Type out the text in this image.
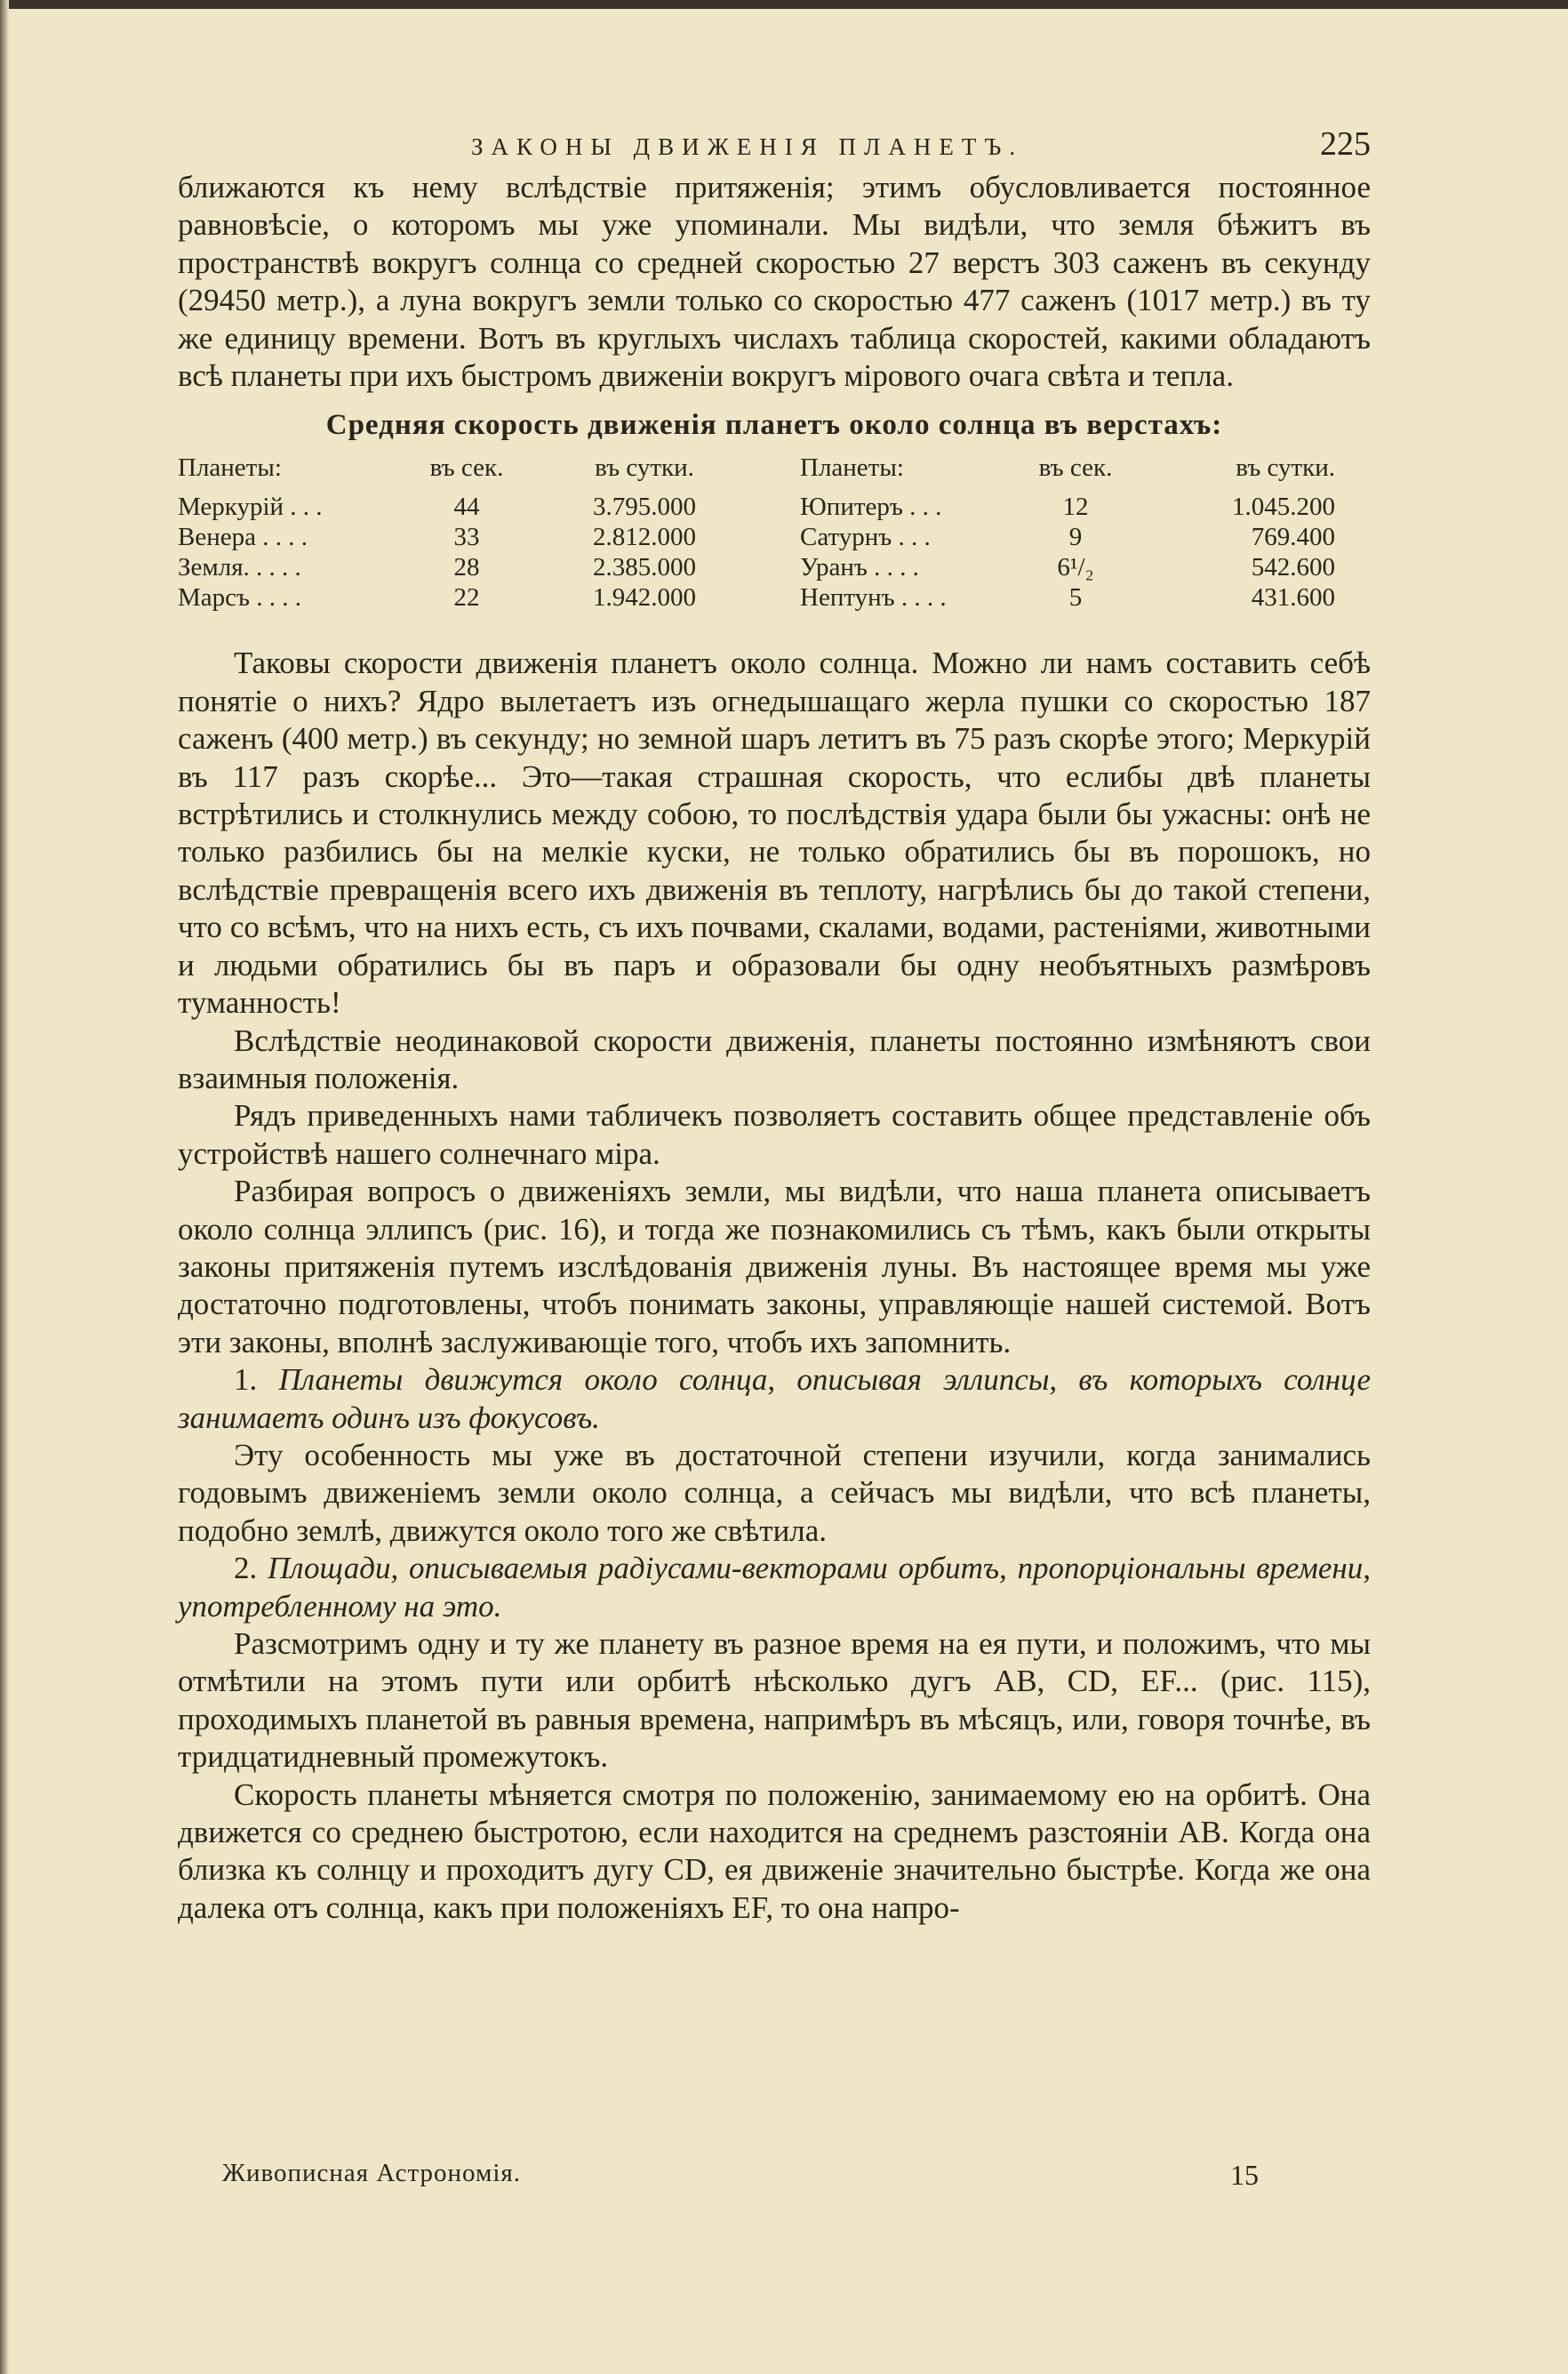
ЗАКОНЫ ДВИЖЕНІЯ ПЛАНЕТЪ.	225

ближаются къ нему вслѣдствіе притяженія; этимъ обусловливается постоянное равновѣсіе, о которомъ мы уже упоминали. Мы видѣли, что земля бѣжитъ въ пространствѣ вокругъ солнца со средней скоростью 27 верстъ 303 саженъ въ секунду (29450 метр.), а луна вокругъ земли только со скоростью 477 саженъ (1017 метр.) въ ту же единицу времени. Вотъ въ круглыхъ числахъ таблица скоростей, какими обладаютъ всѣ планеты при ихъ быстромъ движеніи вокругъ мірового очага свѣта и тепла.

Средняя скорость движенія планетъ около солнца въ верстахъ:
Планеты:	въ сек.	въ сутки.	Планеты:	въ сек.	въ сутки.
Меркурій . . .	44	3.795.000	Юпитеръ . . .	12	1.045.200
Венера . . . .	33	2.812.000	Сатурнъ . . .	9	769.400
Земля. . . . .	28	2.385.000	Уранъ . . . .	6¹/₂	542.600
Марсъ . . . .	22	1.942.000	Нептунъ . . . .	5	431.600

Таковы скорости движенія планетъ около солнца. Можно ли намъ составить себѣ понятіе о нихъ? Ядро вылетаетъ изъ огнедышащаго жерла пушки со скоростью 187 саженъ (400 метр.) въ секунду; но земной шаръ летитъ въ 75 разъ скорѣе этого; Меркурій въ 117 разъ скорѣе... Это—такая страшная скорость, что еслибы двѣ планеты встрѣтились и столкнулись между собою, то послѣдствія удара были бы ужасны: онѣ не только разбились бы на мелкіе куски, не только обратились бы въ порошокъ, но вслѣдствіе превращенія всего ихъ движенія въ теплоту, нагрѣлись бы до такой степени, что со всѣмъ, что на нихъ есть, съ ихъ почвами, скалами, водами, растеніями, животными и людьми обратились бы въ паръ и образовали бы одну необъятныхъ размѣровъ туманность!

Вслѣдствіе неодинаковой скорости движенія, планеты постоянно измѣняютъ свои взаимныя положенія.

Рядъ приведенныхъ нами табличекъ позволяетъ составить общее представленіе объ устройствѣ нашего солнечнаго міра.

Разбирая вопросъ о движеніяхъ земли, мы видѣли, что наша планета описываетъ около солнца эллипсъ (рис. 16), и тогда же познакомились съ тѣмъ, какъ были открыты законы притяженія путемъ изслѣдованія движенія луны. Въ настоящее время мы уже достаточно подготовлены, чтобъ понимать законы, управляющіе нашей системой. Вотъ эти законы, вполнѣ заслуживающіе того, чтобъ ихъ запомнить.

1. Планеты движутся около солнца, описывая эллипсы, въ которыхъ солнце занимаетъ одинъ изъ фокусовъ.

Эту особенность мы уже въ достаточной степени изучили, когда занимались годовымъ движеніемъ земли около солнца, а сейчасъ мы видѣли, что всѣ планеты, подобно землѣ, движутся около того же свѣтила.

2. Площади, описываемыя радіусами-векторами орбитъ, пропорціональны времени, употребленному на это.

Разсмотримъ одну и ту же планету въ разное время на ея пути, и положимъ, что мы отмѣтили на этомъ пути или орбитѣ нѣсколько дугъ AB, CD, EF... (рис. 115), проходимыхъ планетой въ равныя времена, напримѣръ въ мѣсяцъ, или, говоря точнѣе, въ тридцатидневный промежутокъ.

Скорость планеты мѣняется смотря по положенію, занимаемому ею на орбитѣ. Она движется со среднею быстротою, если находится на среднемъ разстояніи AB. Когда она близка къ солнцу и проходитъ дугу CD, ея движеніе значительно быстрѣе. Когда же она далека отъ солнца, какъ при положеніяхъ EF, то она напро-

Живописная Астрономія.	15
